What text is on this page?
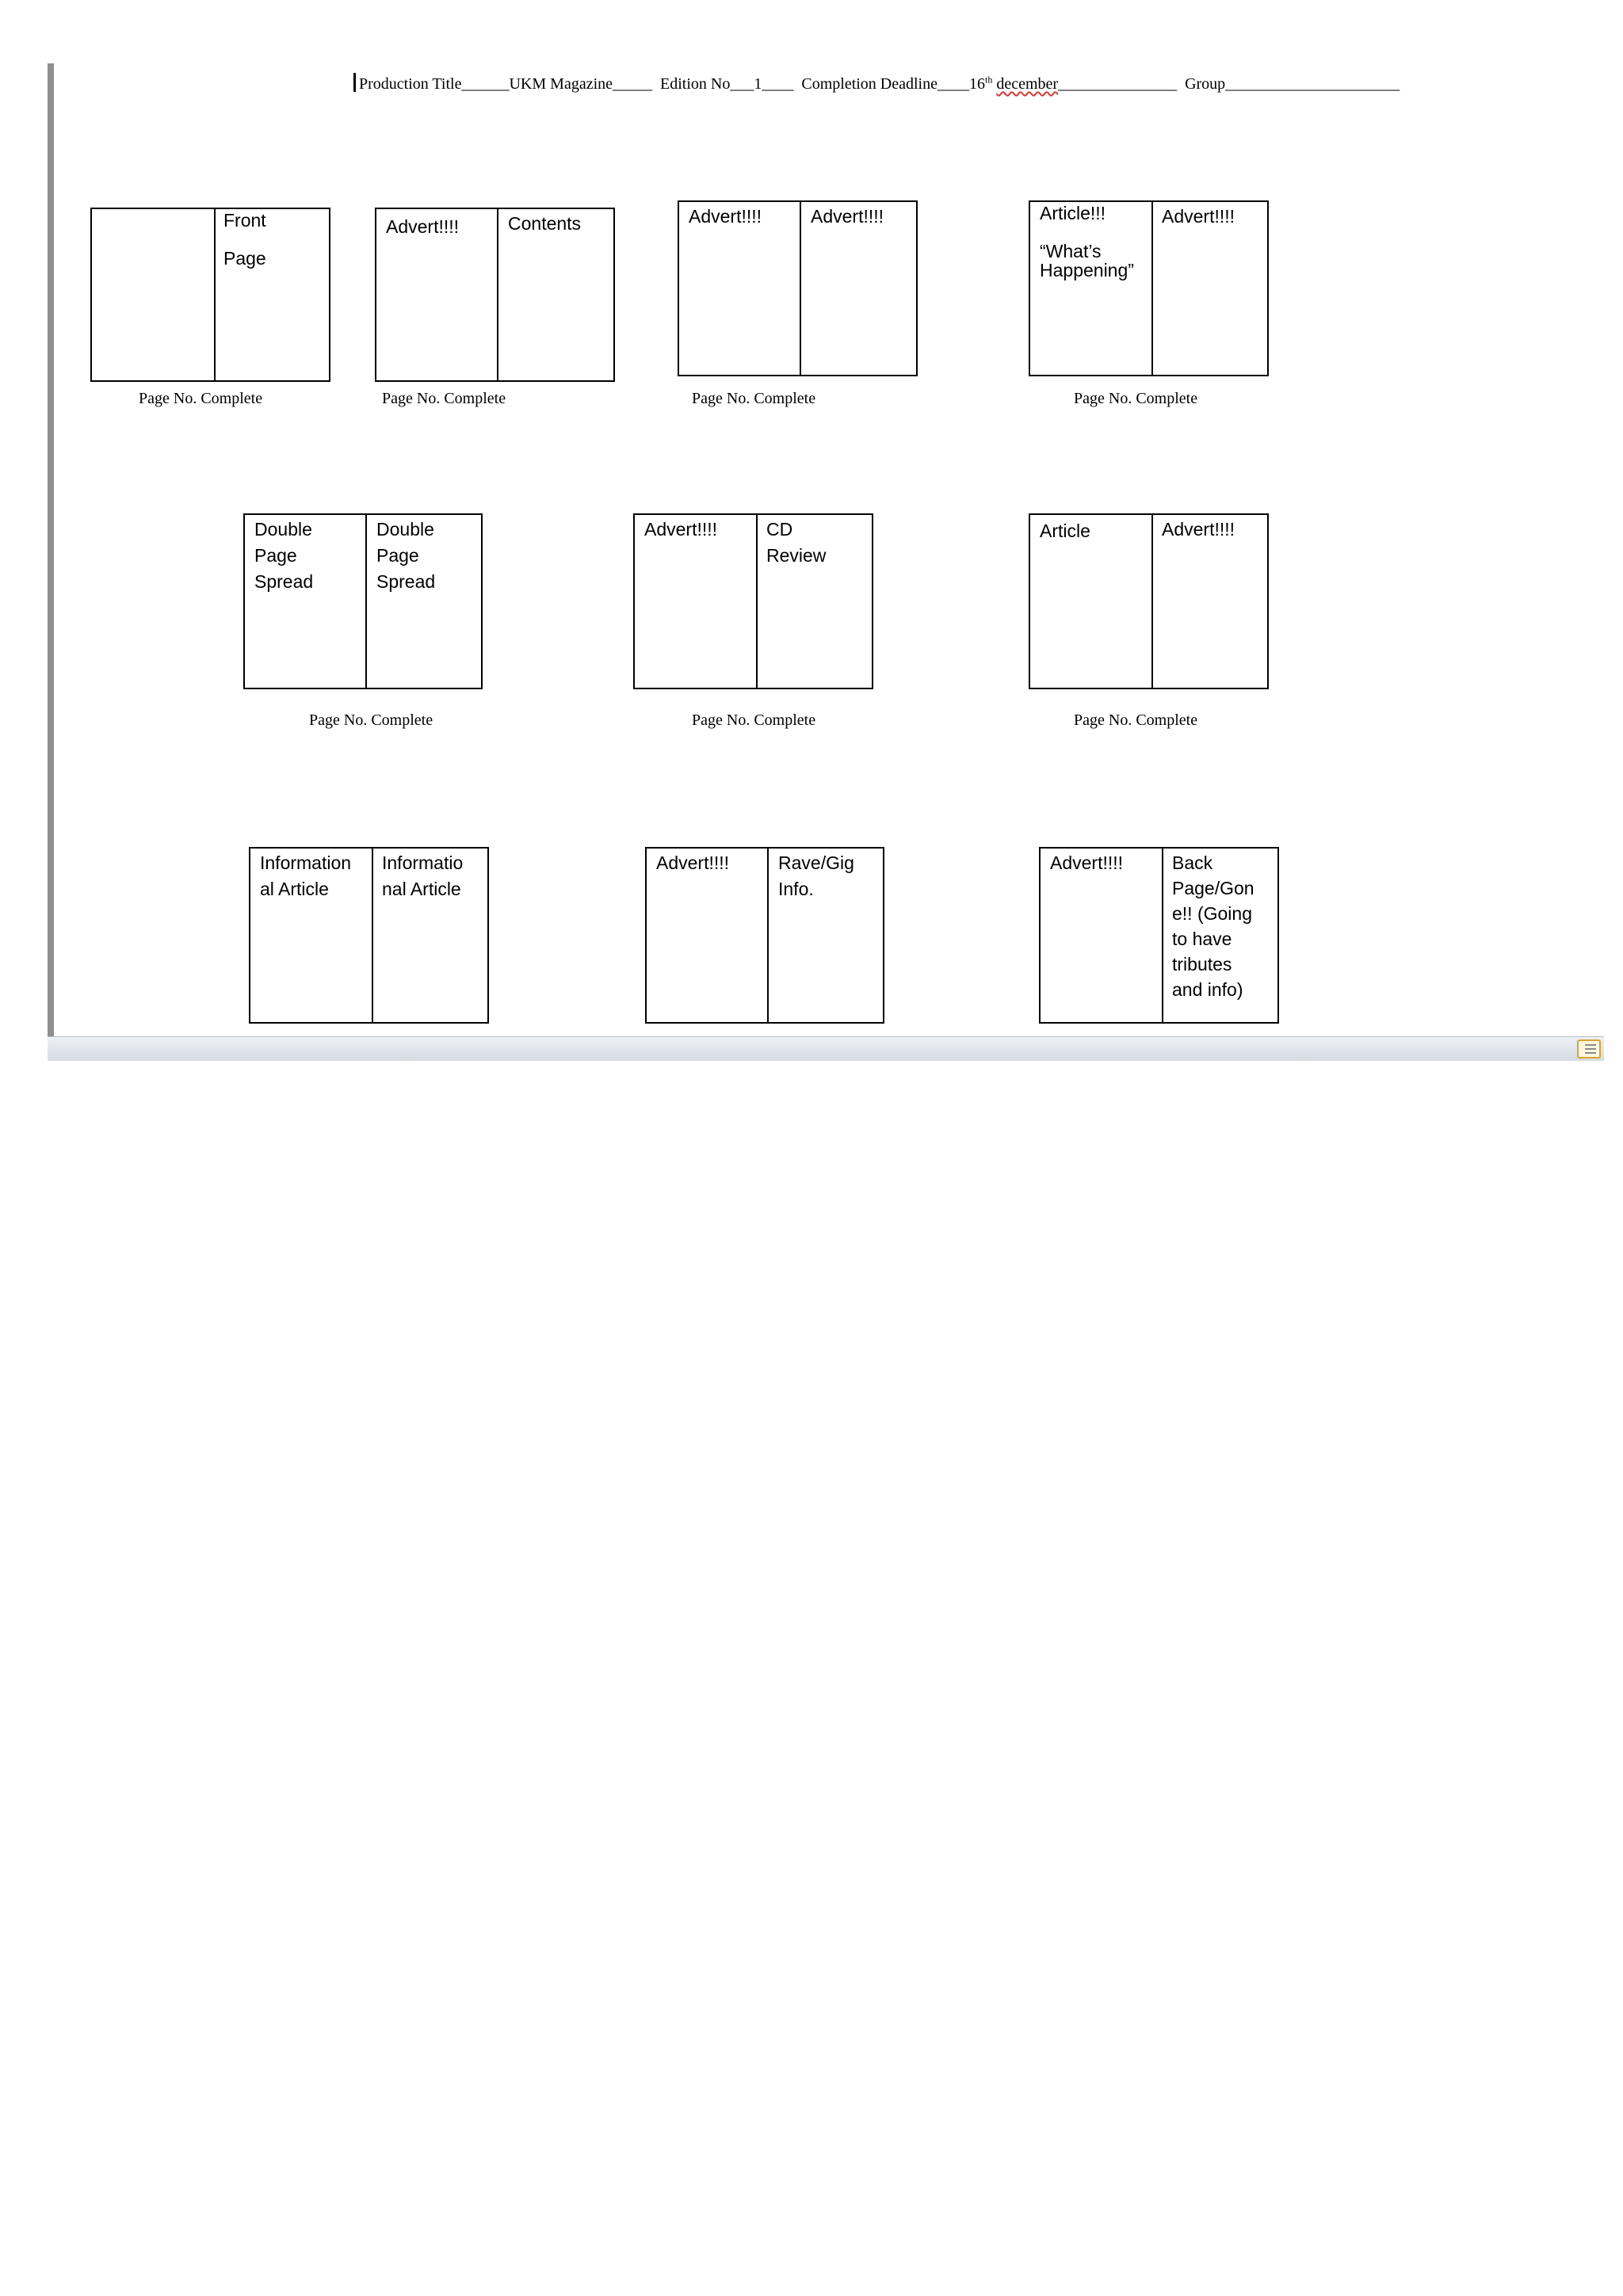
Production Title______UKM Magazine_____  Edition No___1____  Completion Deadline____16th december_______________  Group______________________
Front

Page
Page No. Complete
Advert!!!!	Contents
Page No. Complete
Advert!!!!	Advert!!!!
Page No. Complete
Article!!!

“What’s
Happening”
Advert!!!!
Page No. Complete
Double
Page
Spread
Double
Page
Spread
Page No. Complete
Advert!!!!	CD
Review
Page No. Complete
Article	Advert!!!!
Page No. Complete
Information
al Article
Informatio
nal Article
Advert!!!!	Rave/Gig
Info.
Advert!!!!	Back
Page/Gon
e!! (Going
to have
tributes
and info)
